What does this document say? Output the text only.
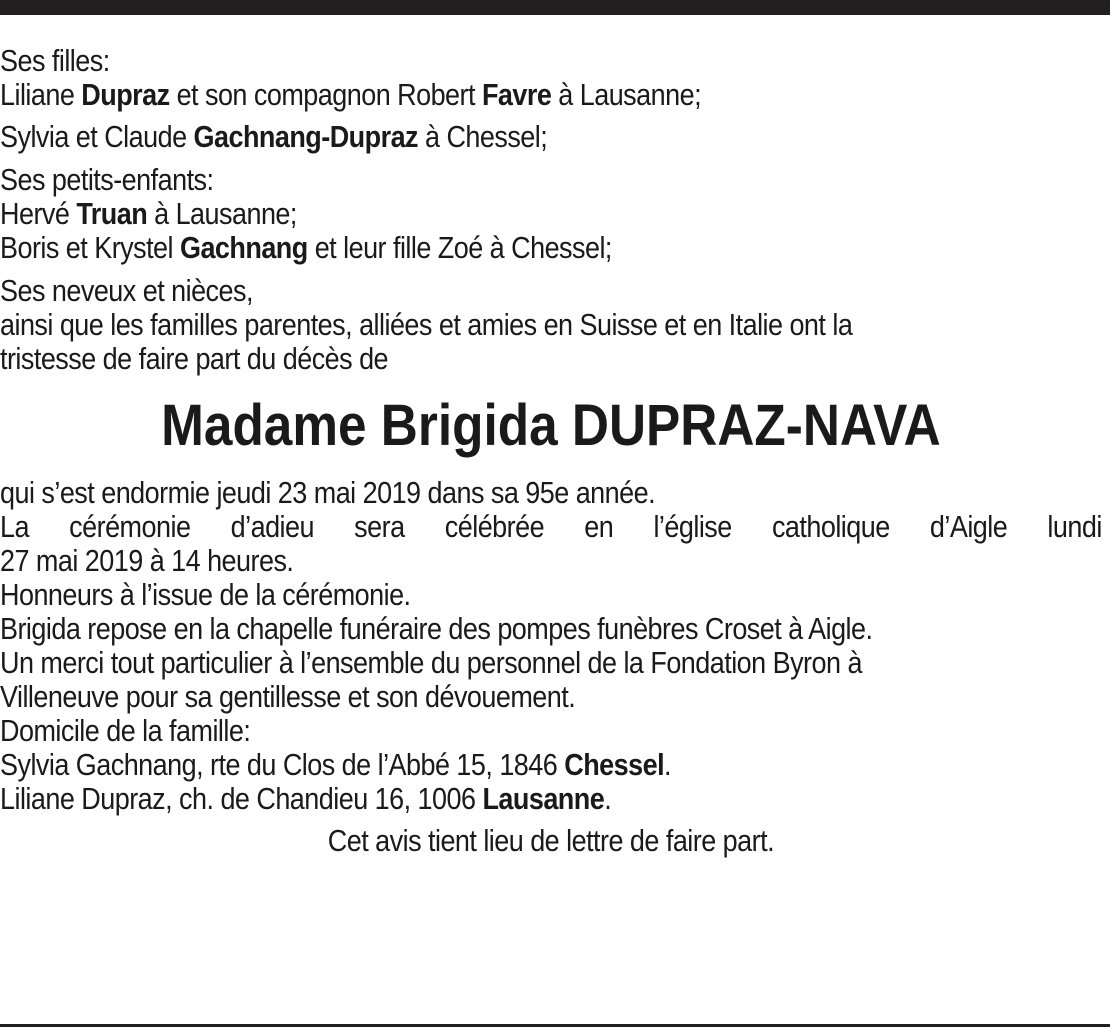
Ses filles:
Liliane Dupraz et son compagnon Robert Favre à Lausanne;
Sylvia et Claude Gachnang-Dupraz à Chessel;
Ses petits-enfants:
Hervé Truan à Lausanne;
Boris et Krystel Gachnang et leur fille Zoé à Chessel;
Ses neveux et nièces,
ainsi que les familles parentes, alliées et amies en Suisse et en Italie ont la
tristesse de faire part du décès de
Madame Brigida DUPRAZ-NAVA
qui s’est endormie jeudi 23 mai 2019 dans sa 95e année.
La cérémonie d’adieu sera célébrée en l’église catholique d’Aigle lundi
27 mai 2019 à 14 heures.
Honneurs à l’issue de la cérémonie.
Brigida repose en la chapelle funéraire des pompes funèbres Croset à Aigle.
Un merci tout particulier à l’ensemble du personnel de la Fondation Byron à
Villeneuve pour sa gentillesse et son dévouement.
Domicile de la famille:
Sylvia Gachnang, rte du Clos de l’Abbé 15, 1846 Chessel.
Liliane Dupraz, ch. de Chandieu 16, 1006 Lausanne.
Cet avis tient lieu de lettre de faire part.
